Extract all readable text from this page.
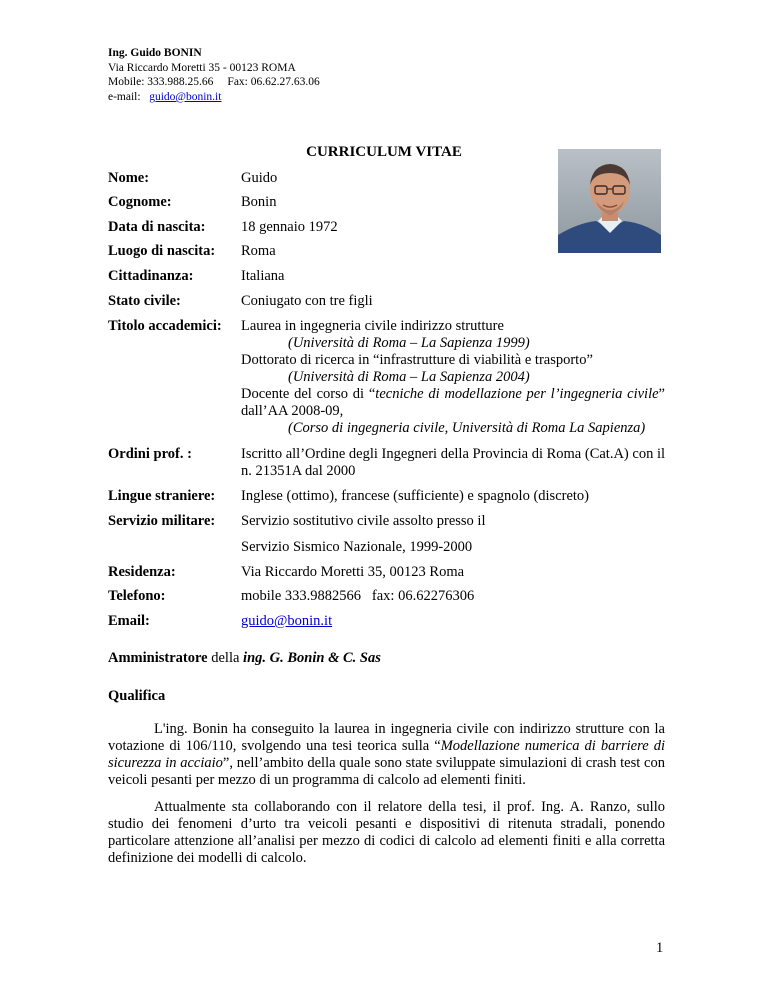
Ing. Guido BONIN
Via Riccardo Moretti 35 - 00123 ROMA
Mobile: 333.988.25.66 Fax: 06.62.27.63.06
e-mail: guido@bonin.it
CURRICULUM VITAE
Nome:	Guido
Cognome:	Bonin
Data di nascita: 18 gennaio 1972
Luogo di nascita: Roma
Cittadinanza:	Italiana
Stato civile:	Coniugato con tre figli
Titolo accademici: Laurea in ingegneria civile indirizzo strutture
(Università di Roma – La Sapienza 1999)
Dottorato di ricerca in “infrastrutture di viabilità e trasporto”
(Università di Roma – La Sapienza 2004)
Docente del corso di “tecniche di modellazione per l’ingegneria civile” dall’AA 2008-09,
(Corso di ingegneria civile, Università di Roma La Sapienza)
Ordini prof. :	Iscritto all’Ordine degli Ingegneri della Provincia di Roma (Cat.A) con il n. 21351A dal 2000
Lingue straniere: Inglese (ottimo), francese (sufficiente) e spagnolo (discreto)
Servizio militare: Servizio sostitutivo civile assolto presso il
Servizio Sismico Nazionale, 1999-2000
Residenza:	Via Riccardo Moretti 35, 00123 Roma
Telefono:	mobile 333.9882566   fax: 06.62276306
Email:	guido@bonin.it
Amministratore della ing. G. Bonin & C. Sas
Qualifica
L'ing. Bonin ha conseguito la laurea in ingegneria civile con indirizzo strutture con la votazione di 106/110, svolgendo una tesi teorica sulla “Modellazione numerica di barriere di sicurezza in acciaio”, nell’ambito della quale sono state sviluppate simulazioni di crash test con veicoli pesanti per mezzo di un programma di calcolo ad elementi finiti.
Attualmente sta collaborando con il relatore della tesi, il prof. Ing. A. Ranzo, sullo studio dei fenomeni d’urto tra veicoli pesanti e dispositivi di ritenuta stradali, ponendo particolare attenzione all’analisi per mezzo di codici di calcolo ad elementi finiti e alla corretta definizione dei modelli di calcolo.
1
